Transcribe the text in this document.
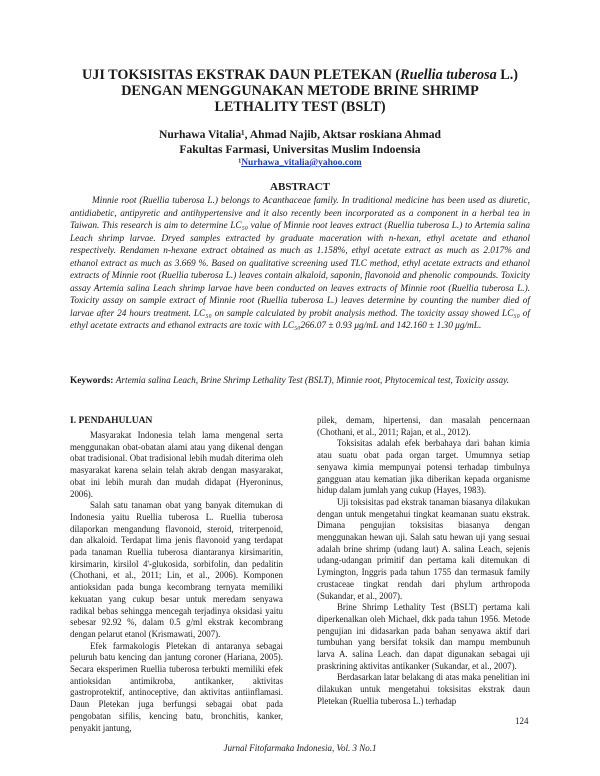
UJI TOKSISITAS EKSTRAK DAUN PLETEKAN (Ruellia tuberosa L.)
DENGAN MENGGUNAKAN METODE BRINE SHRIMP
LETHALITY TEST (BSLT)
Nurhawa Vitalia¹, Ahmad Najib, Aktsar roskiana Ahmad
Fakultas Farmasi, Universitas Muslim Indoensia
¹Nurhawa_vitalia@yahoo.com
ABSTRACT

Minnie root (Ruellia tuberosa L.) belongs to Acanthaceae family. In traditional medicine has been used as diuretic, antidiabetic, antipyretic and antihypertensive and it also recently been incorporated as a component in a herbal tea in Taiwan. This research is aim to determine LC₅₀ value of Minnie root leaves extract (Ruellia tuberosa L.) to Artemia salina Leach shrimp larvae. Dryed samples extracted by graduate maceration with n-hexan, ethyl acetate and ethanol respectively. Rendamen n-hexane extract obtained as much as 1.158%, ethyl acetate extract as much as 2.017% and ethanol extract as much as 3.669 %. Based on qualitative screening used TLC method, ethyl acetate extracts and ethanol extracts of Minnie root (Ruellia tuberosa L.) leaves contain alkaloid, saponin, flavonoid and phenolic compounds. Toxicity assay Artemia salina Leach shrimp larvae have been conducted on leaves extracts of Minnie root (Ruellia tuberosa L.). Toxicity assay on sample extract of Minnie root (Ruellia tuberosa L.) leaves determine by counting the number died of larvae after 24 hours treatment. LC₅₀ on sample calculated by probit analysis method. The toxicity assay showed LC₅₀ of ethyl acetate extracts and ethanol extracts are toxic with LC₅₀266.07 ± 0.93 μg/mL and 142.160 ± 1.30 μg/mL.

Keywords: Artemia salina Leach, Brine Shrimp Lethality Test (BSLT), Minnie root, Phytocemical test, Toxicity assay.

I. PENDAHULUAN

Masyarakat Indonesia telah lama mengenal serta menggunakan obat-obatan alami atau yang dikenal dengan obat tradisional. Obat tradisional lebih mudah diterima oleh masyarakat karena selain telah akrab dengan masyarakat, obat ini lebih murah dan mudah didapat (Hyeroninus, 2006).

Salah satu tanaman obat yang banyak ditemukan di Indonesia yaitu Ruellia tuberosa L. Ruellia tuberosa dilaporkan mengandung flavonoid, steroid, triterpenoid, dan alkaloid. Terdapat lima jenis flavonoid yang terdapat pada tanaman Ruellia tuberosa diantaranya kirsimaritin, kirsimarin, kirsilol 4'-glukosida, sorbifolin, dan pedalitin (Chothani, et al., 2011; Lin, et al., 2006). Komponen antioksidan pada bunga kecombrang ternyata memiliki kekuatan yang cukup besar untuk meredam senyawa radikal bebas sehingga mencegah terjadinya oksidasi yaitu sebesar 92.92 %, dalam 0.5 g/ml ekstrak kecombrang dengan pelarut etanol (Krismawati, 2007).

Efek farmakologis Pletekan di antaranya sebagai peluruh batu kencing dan jantung coroner (Hariana, 2005). Secara eksperimen Ruellia tuberosa terbukti memiliki efek antioksidan antimikroba, antikanker, aktivitas gastroprotektif, antinoceptive, dan aktivitas antiinflamasi. Daun Pletekan juga berfungsi sebagai obat pada pengobatan sifilis, kencing batu, bronchitis, kanker, penyakit jantung,

pilek, demam, hipertensi, dan masalah pencernaan (Chothani, et al., 2011; Rajan, et al., 2012).

Toksisitas adalah efek berbahaya dari bahan kimia atau suatu obat pada organ target. Umumnya setiap senyawa kimia mempunyai potensi terhadap timbulnya gangguan atau kematian jika diberikan kepada organisme hidup dalam jumlah yang cukup (Hayes, 1983).

Uji toksisitas pad ekstrak tanaman biasanya dilakukan dengan untuk mengetahui tingkat keamanan suatu ekstrak. Dimana pengujian toksisitas biasanya dengan menggunakan hewan uji. Salah satu hewan uji yang sesuai adalah brine shrimp (udang laut) A. salina Leach, sejenis udang-udangan primitif dan pertama kali ditemukan di Lymington, Inggris pada tahun 1755 dan termasuk family crustaceae tingkat rendah dari phylum arthropoda (Sukandar, et al., 2007).

Brine Shrimp Lethality Test (BSLT) pertama kali diperkenalkan oleh Michael, dkk pada tahun 1956. Metode pengujian ini didasarkan pada bahan senyawa aktif dari tumbuhan yang bersifat toksik dan mampu membunuh larva A. salina Leach. dan dapat digunakan sebagai uji praskrining aktivitas antikanker (Sukandar, et al., 2007).

Berdasarkan latar belakang di atas maka penelitian ini dilakukan untuk mengetahui toksisitas ekstrak daun Pletekan (Ruellia tuberosa L.) terhadap

124
Jurnal Fitofarmaka Indonesia, Vol. 3 No.1
